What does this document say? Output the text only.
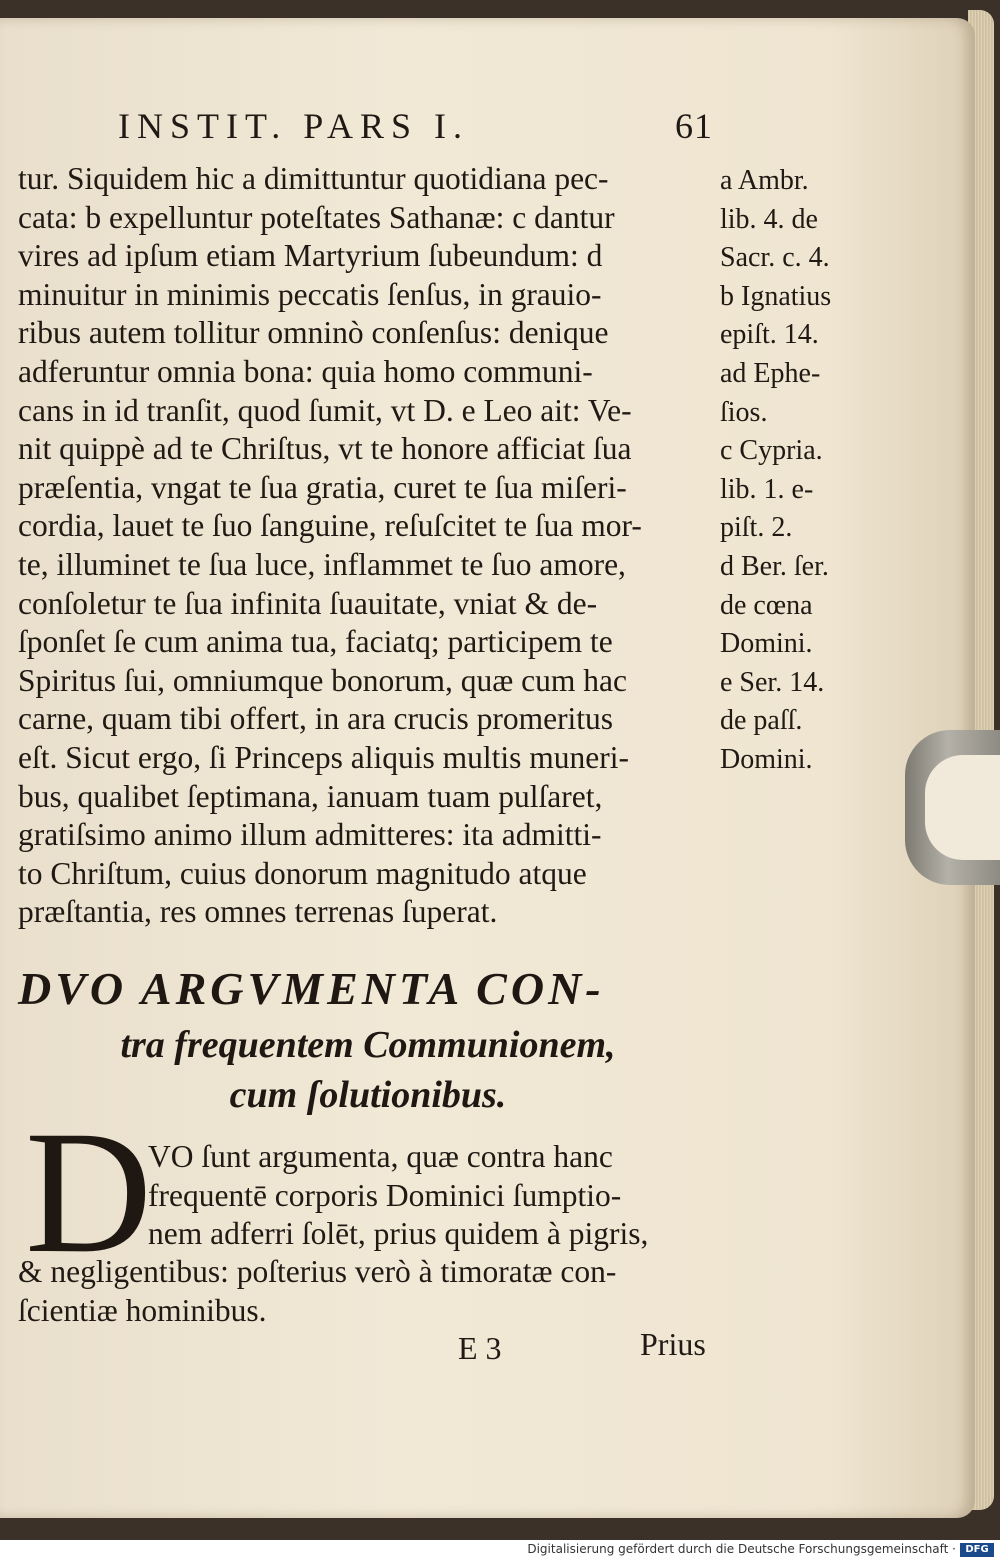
INSTIT. PARS I.	61
tur. Siquidem hic a dimittuntur quotidiana pec-
cata: b expelluntur poteſtates Sathanæ: c dantur
vires ad ipſum etiam Martyrium ſubeundum: d
minuitur in minimis peccatis ſenſus, in grauio-
ribus autem tollitur omninò conſenſus: denique
adferuntur omnia bona: quia homo communi-
cans in id tranſit, quod ſumit, vt D. e Leo ait: Ve-
nit quippè ad te Chriſtus, vt te honore afficiat ſua
præſentia, vngat te ſua gratia, curet te ſua miſeri-
cordia, lauet te ſuo ſanguine, reſuſcitet te ſua mor-
te, illuminet te ſua luce, inflammet te ſuo amore,
conſoletur te ſua infinita ſuauitate, vniat & de-
ſponſet ſe cum anima tua, faciatq; participem te
Spiritus ſui, omniumque bonorum, quæ cum hac
carne, quam tibi offert, in ara crucis promeritus
eſt. Sicut ergo, ſi Princeps aliquis multis muneri-
bus, qualibet ſeptimana, ianuam tuam pulſaret,
gratiſsimo animo illum admitteres: ita admitti-
to Chriſtum, cuius donorum magnitudo atque
præſtantia, res omnes terrenas ſuperat.
a Ambr.
lib. 4. de
Sacr. c. 4.
b Ignatius
epiſt. 14.
ad Ephe-
ſios.
c Cypria.
lib. 1. e-
piſt. 2.
d Ber. ſer.
de cœna
Domini.
e Ser. 14.
de paſſ.
Domini.
DVO ARGVMENTA CON-
tra frequentem Communionem,
cum ſolutionibus.
D
VO ſunt argumenta, quæ contra hanc
frequentē corporis Dominici ſumptio-
nem adferri ſolēt, prius quidem à pigris,
& negligentibus: poſterius verò à timoratæ con-
ſcientiæ hominibus.
E 3	Prius
Digitalisierung gefördert durch die Deutsche Forschungsgemeinschaft · DFG
